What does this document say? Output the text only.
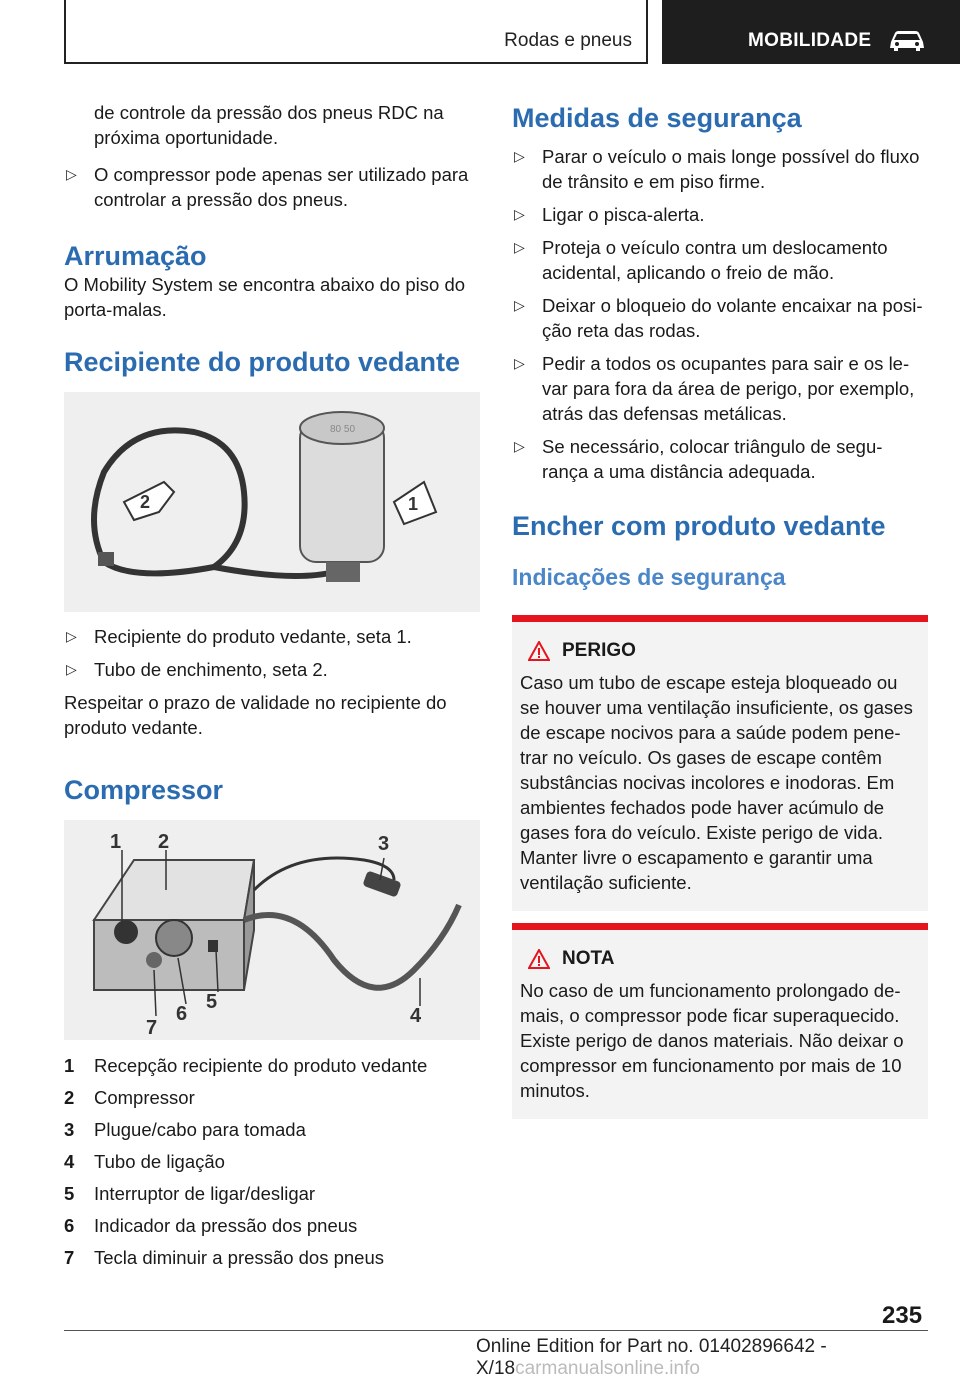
Rodas e pneus	MOBILIDADE

de controle da pressão dos pneus RDC na

próxima oportunidade.

▷ O compressor pode apenas ser utilizado para controlar a pressão dos pneus.
Arrumação

O Mobility System se encontra abaixo do piso do porta-malas.

Recipiente do produto vedante
80 50
2	1
▷ Recipiente do produto vedante, seta 1.
▷ Tubo de enchimento, seta 2.

Respeitar o prazo de validade no recipiente do produto vedante.

Compressor
1 2	3
4
5
6
7
1 Recepção recipiente do produto vedante
2 Compressor
3 Plugue/cabo para tomada
4 Tubo de ligação
5 Interruptor de ligar/desligar
6 Indicador da pressão dos pneus
7 Tecla diminuir a pressão dos pneus
Medidas de segurança
▷ Parar o veículo o mais longe possível do fluxo de trânsito e em piso firme.
▷ Ligar o pisca-alerta.
▷ Proteja o veículo contra um deslocamento acidental, aplicando o freio de mão.
▷ Deixar o bloqueio do volante encaixar na posi-ção reta das rodas.
▷ Pedir a todos os ocupantes para sair e os le-var para fora da área de perigo, por exemplo, atrás das defensas metálicas.
▷ Se necessário, colocar triângulo de segu-rança a uma distância adequada.
Encher com produto vedante
Indicações de segurança
PERIGO
Caso um tubo de escape esteja bloqueado ou se houver uma ventilação insuficiente, os gases de escape nocivos para a saúde podem pene-trar no veículo. Os gases de escape contêm substâncias nocivas incolores e inodoras. Em ambientes fechados pode haver acúmulo de gases fora do veículo. Existe perigo de vida. Manter livre o escapamento e garantir uma ventilação suficiente.
NOTA
No caso de um funcionamento prolongado de-mais, o compressor pode ficar superaquecido. Existe perigo de danos materiais. Não deixar o compressor em funcionamento por mais de 10 minutos.
235
Online Edition for Part no. 01402896642 - X/18carmanualsonline.info
